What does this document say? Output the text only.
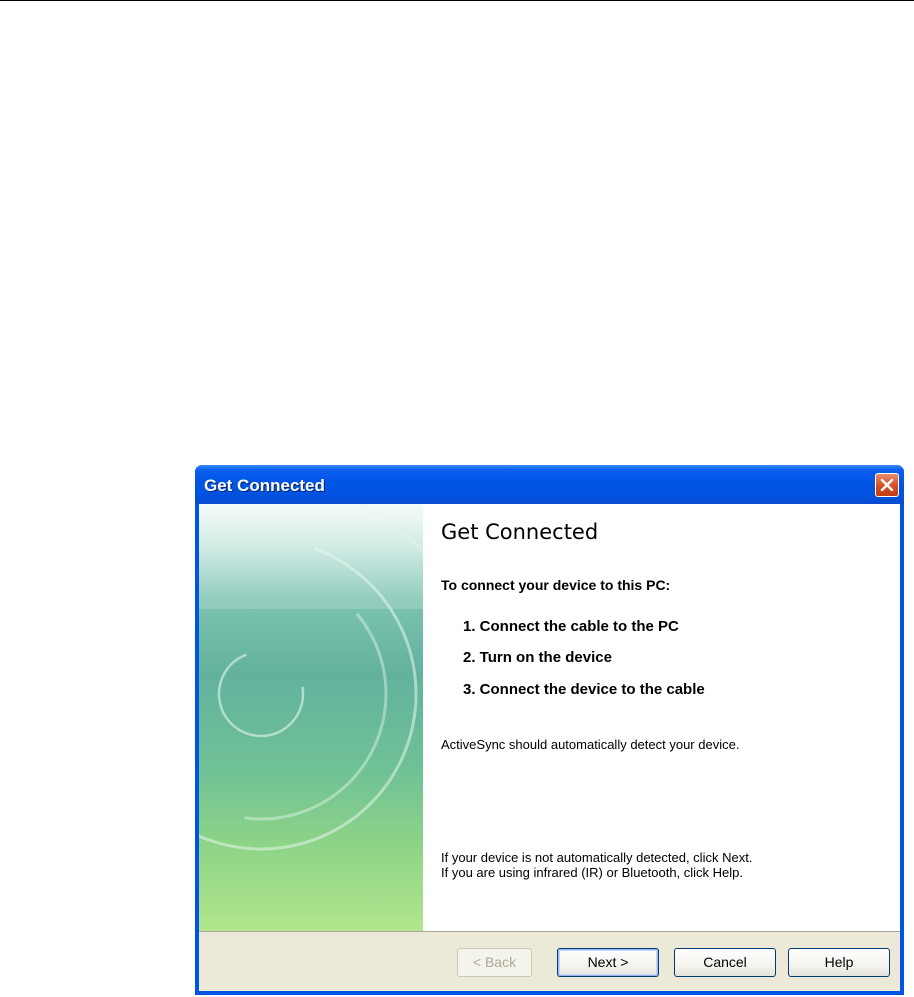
Get Connected
Get Connected
To connect your device to this PC:
1. Connect the cable to the PC
2. Turn on the device
3. Connect the device to the cable
ActiveSync should automatically detect your device.
If your device is not automatically detected, click Next.
If you are using infrared (IR) or Bluetooth, click Help.
< Back	Next >	Cancel	Help
